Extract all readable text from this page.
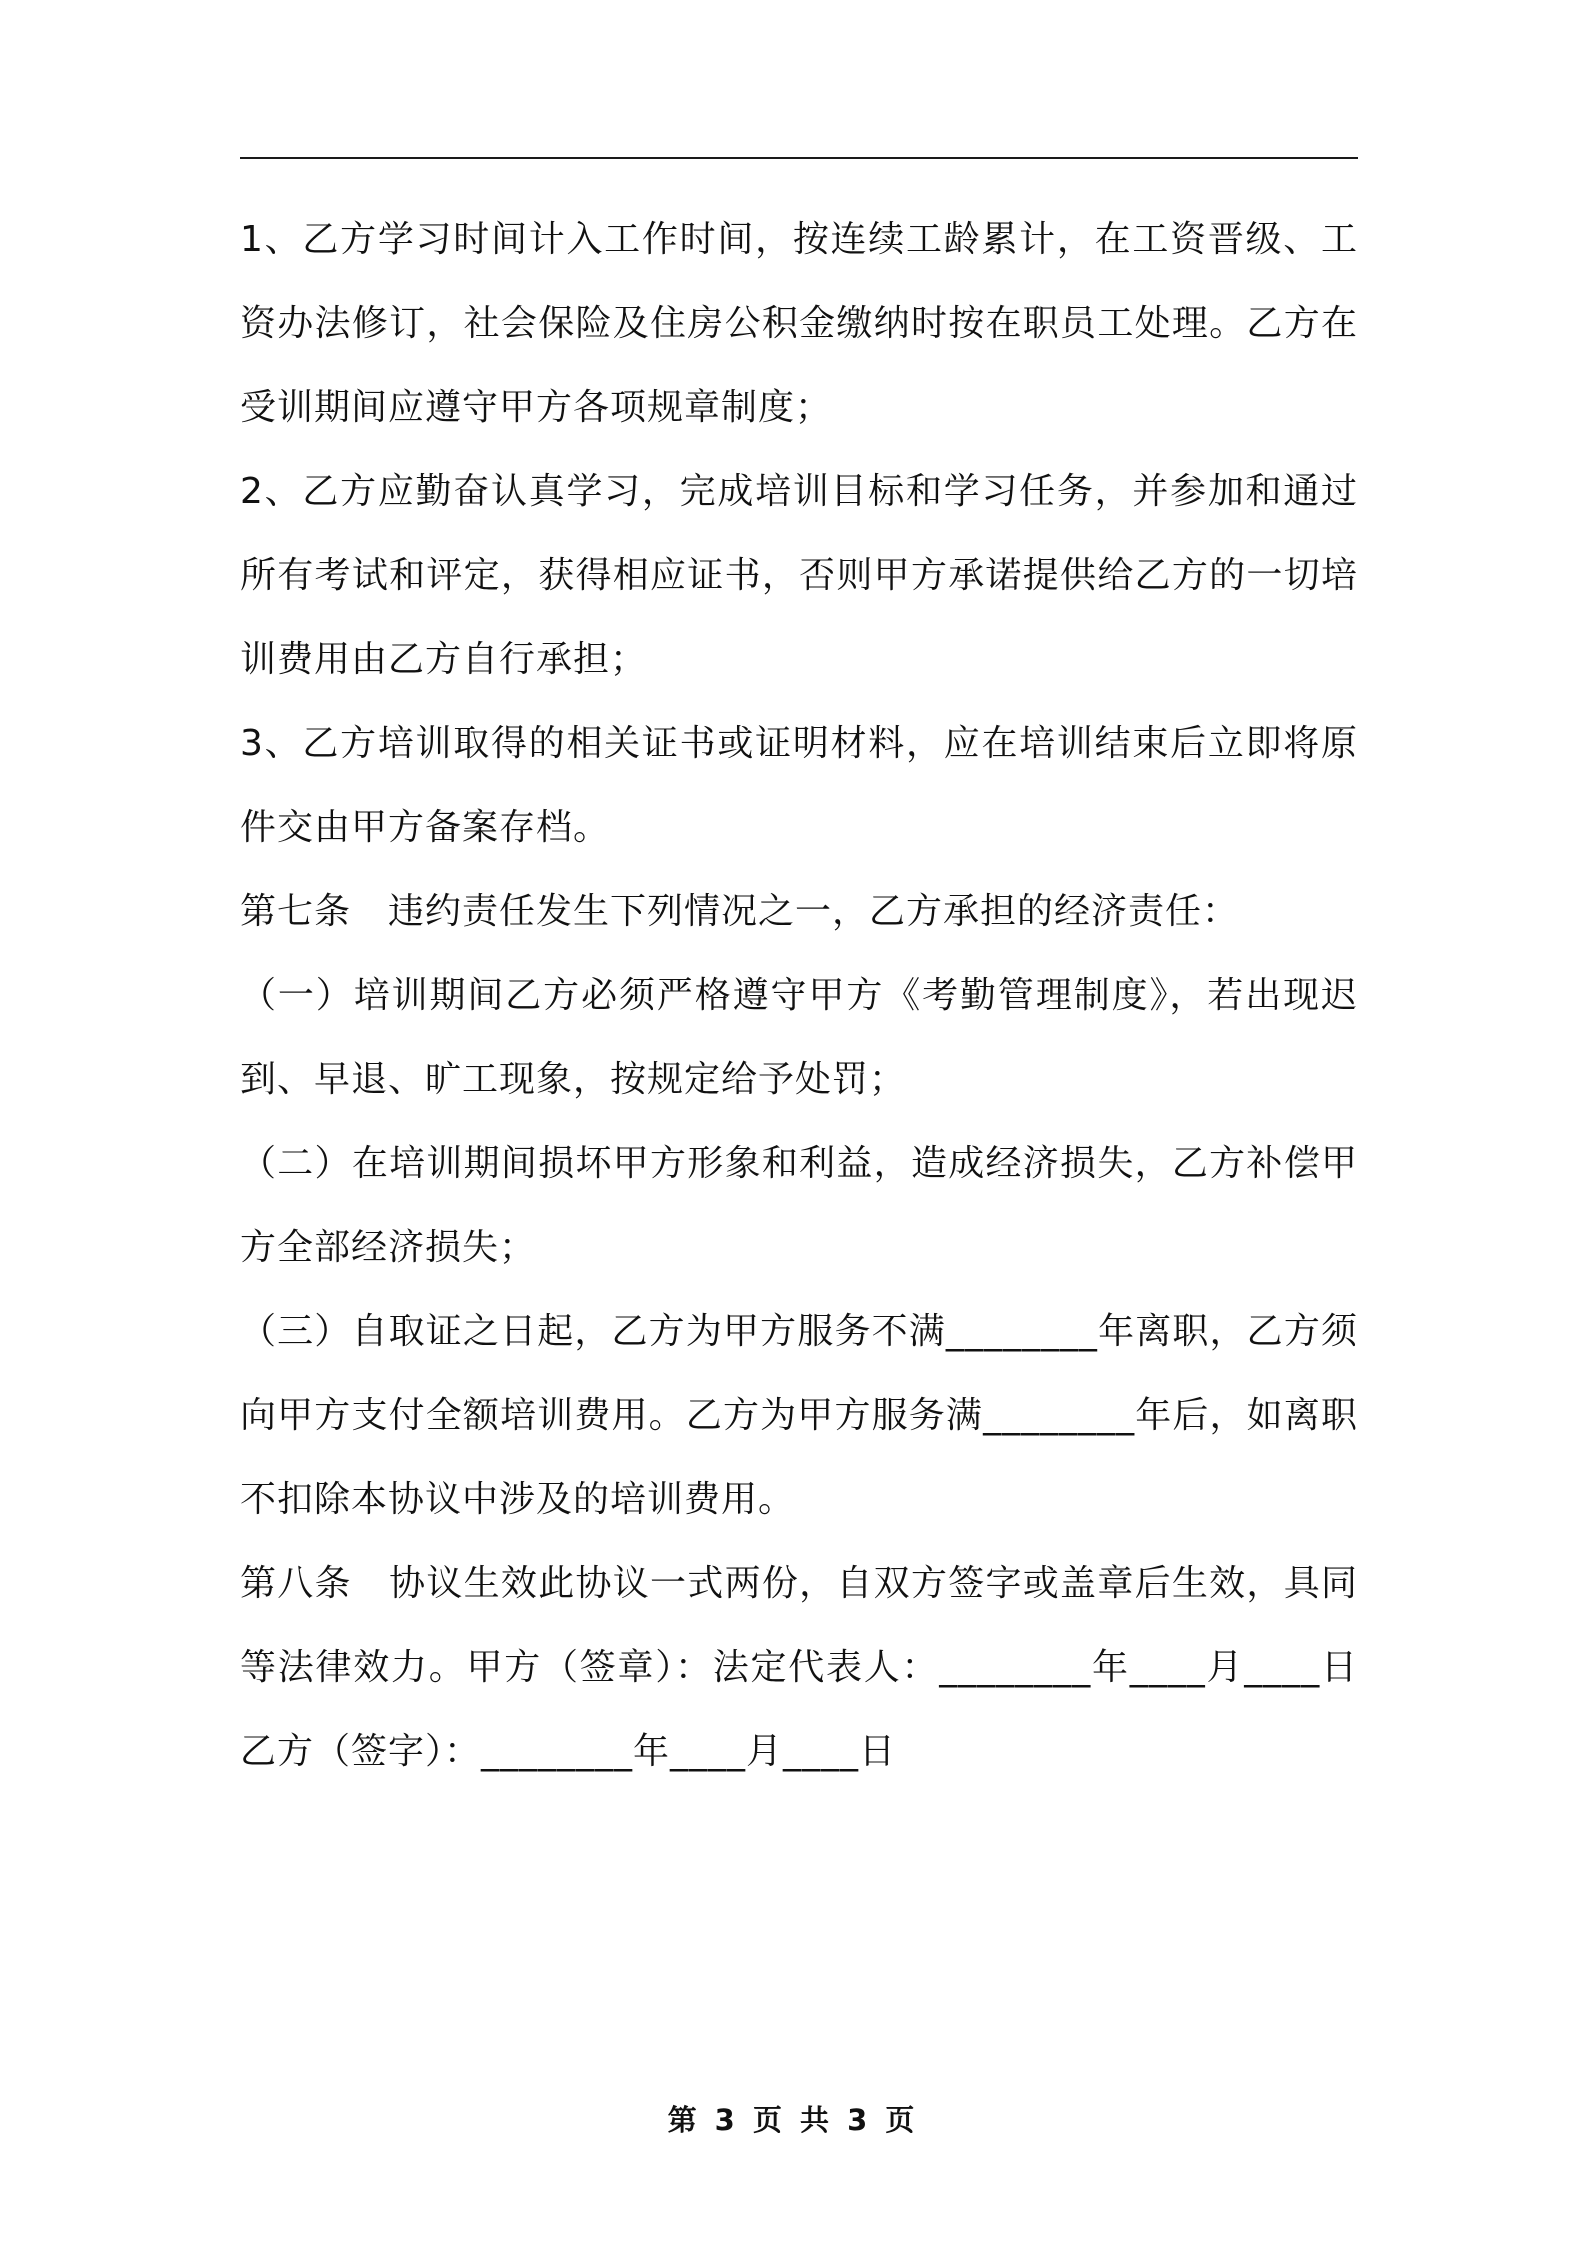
1、乙方学习时间计入工作时间，按连续工龄累计，在工资晋级、工资办法修订，社会保险及住房公积金缴纳时按在职员工处理。乙方在受训期间应遵守甲方各项规章制度；

2、乙方应勤奋认真学习，完成培训目标和学习任务，并参加和通过所有考试和评定，获得相应证书，否则甲方承诺提供给乙方的一切培训费用由乙方自行承担；

3、乙方培训取得的相关证书或证明材料，应在培训结束后立即将原件交由甲方备案存档。

第七条　违约责任发生下列情况之一，乙方承担的经济责任：

（一）培训期间乙方必须严格遵守甲方《考勤管理制度》，若出现迟到、早退、旷工现象，按规定给予处罚；

（二）在培训期间损坏甲方形象和利益，造成经济损失，乙方补偿甲方全部经济损失；

（三）自取证之日起，乙方为甲方服务不满________年离职，乙方须向甲方支付全额培训费用。乙方为甲方服务满________年后，如离职不扣除本协议中涉及的培训费用。

第八条　协议生效此协议一式两份，自双方签字或盖章后生效，具同等法律效力。甲方（签章）：法定代表人：________年____月____日乙方（签字）：________年____月____日

第 3 页 共 3 页
